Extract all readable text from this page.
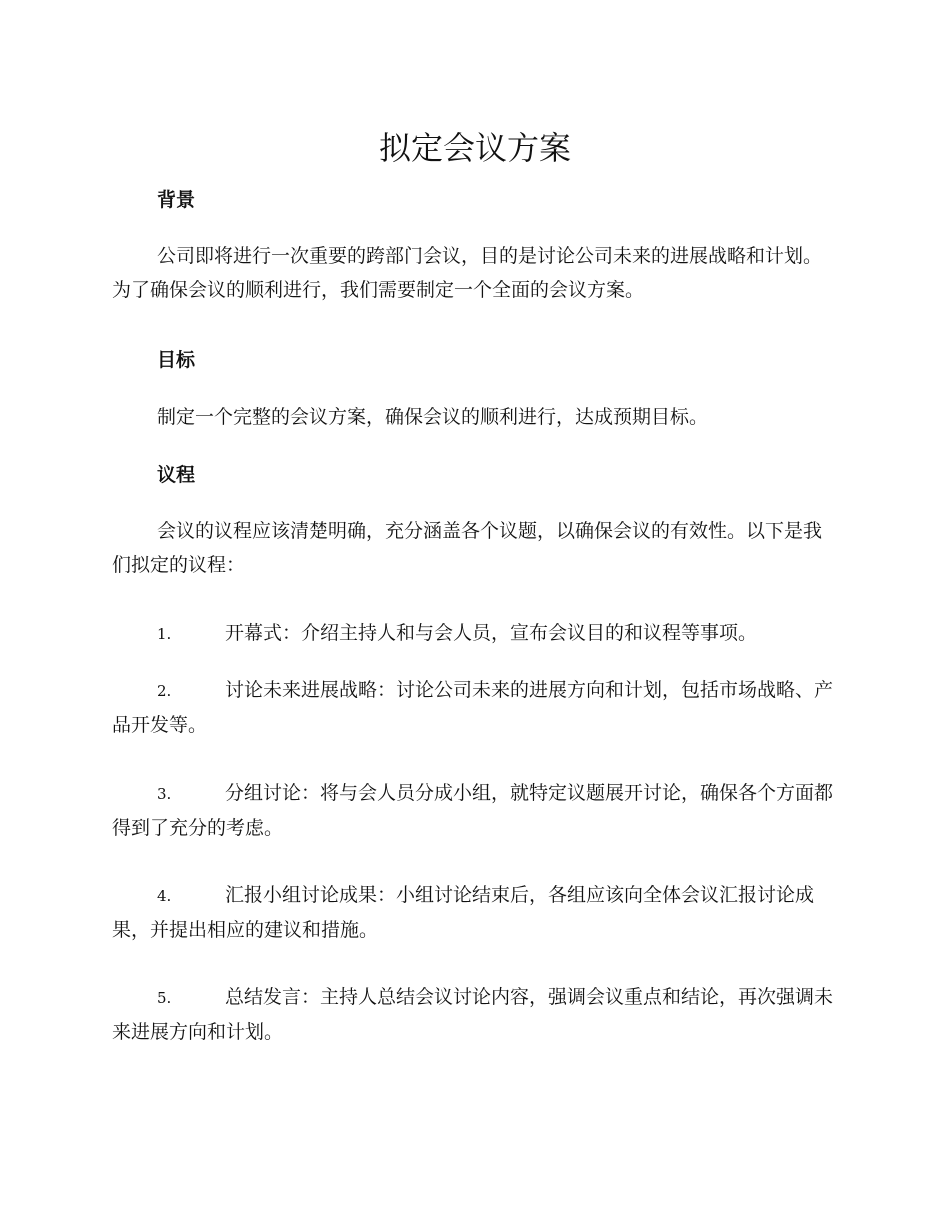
拟定会议方案
背景

公司即将进行一次重要的跨部门会议，目的是讨论公司未来的进展战略和计划。为了确保会议的顺利进行，我们需要制定一个全面的会议方案。

目标

制定一个完整的会议方案，确保会议的顺利进行，达成预期目标。

议程

会议的议程应该清楚明确，充分涵盖各个议题，以确保会议的有效性。以下是我们拟定的议程：

1.	开幕式：介绍主持人和与会人员，宣布会议目的和议程等事项。

2.	讨论未来进展战略：讨论公司未来的进展方向和计划，包括市场战略、产品开发等。

3.	分组讨论：将与会人员分成小组，就特定议题展开讨论，确保各个方面都得到了充分的考虑。

4.	汇报小组讨论成果：小组讨论结束后，各组应该向全体会议汇报讨论成果，并提出相应的建议和措施。

5.	总结发言：主持人总结会议讨论内容，强调会议重点和结论，再次强调未来进展方向和计划。
